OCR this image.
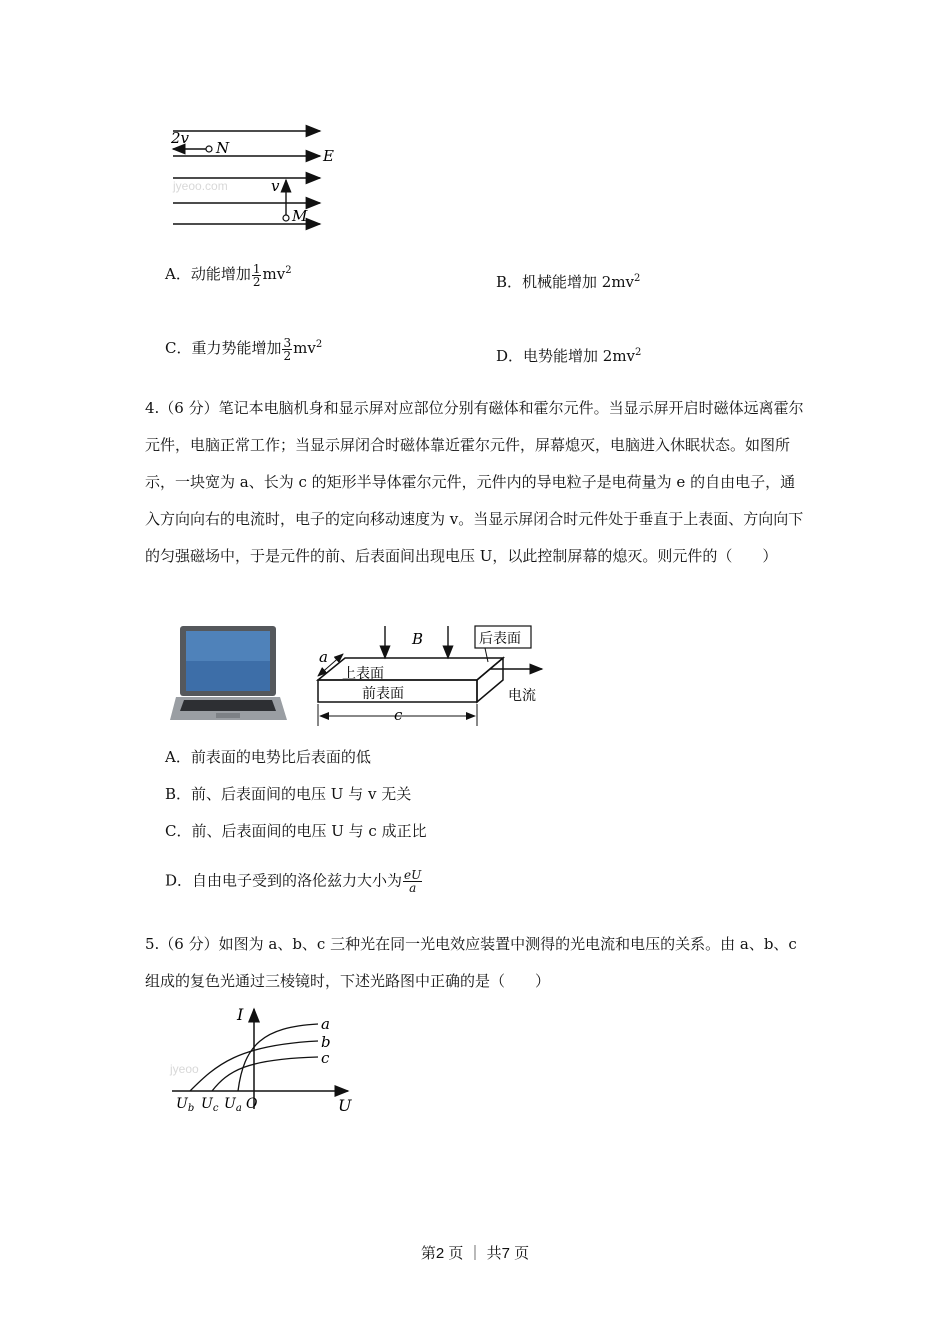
2v
N	E
v
M
jyeoo.com
A．动能增加 $\frac{1}{2} mv^2$
B．机械能增加 $2mv^2$
C．重力势能增加 $\frac{3}{2} mv^2$
D．电势能增加 $2mv^2$
4.（6 分）笔记本电脑机身和显示屏对应部位分别有磁体和霍尔元件。当显示屏开启时磁体远离霍尔元件，电脑正常工作；当显示屏闭合时磁体靠近霍尔元件，屏幕熄灭，电脑进入休眠状态。如图所示，一块宽为 a、长为 c 的矩形半导体霍尔元件，元件内的导电粒子是电荷量为 e 的自由电子，通入方向向右的电流时，电子的定向移动速度为 v。当显示屏闭合时元件处于垂直于上表面、方向向下的匀强磁场中，于是元件的前、后表面间出现电压 U，以此控制屏幕的熄灭。则元件的（　　）
B
a
后表面
上表面
前表面	电流
c
A．前表面的电势比后表面的低
B．前、后表面间的电压 U 与 v 无关
C．前、后表面间的电压 U 与 c 成正比
D．自由电子受到的洛伦兹力大小为 $\frac{eU}{a}$
5.（6 分）如图为 a、b、c 三种光在同一光电效应装置中测得的光电流和电压的关系。由 a、b、c 组成的复色光通过三棱镜时，下述光路图中正确的是（　　）
I	a
b
c
$U_b$ $U_c$ $U_a$ O	U
jyeoo
第2 页 ｜ 共7 页
